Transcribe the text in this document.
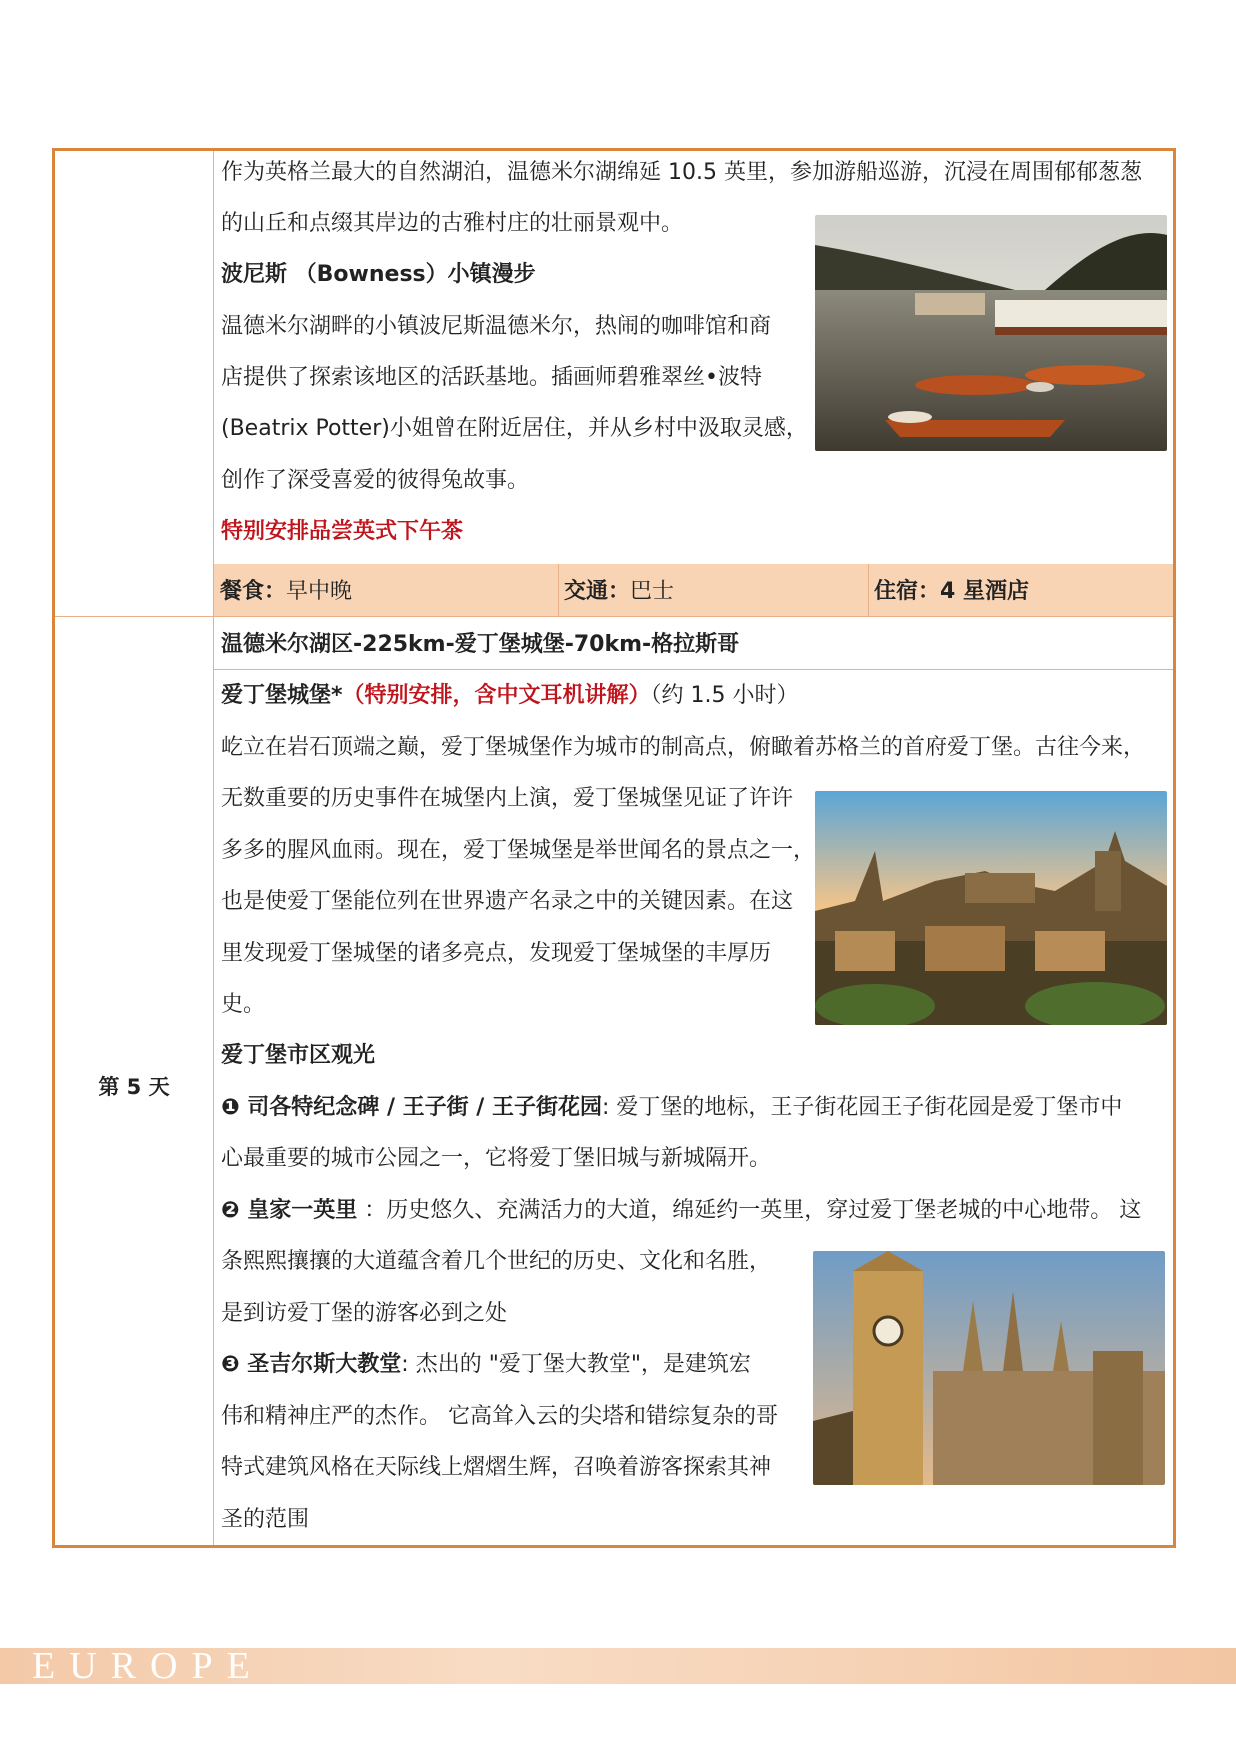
作为英格兰最大的自然湖泊，温德米尔湖绵延 10.5 英里，参加游船巡游，沉浸在周围郁郁葱葱
的山丘和点缀其岸边的古雅村庄的壮丽景观中。
波尼斯 （Bowness）小镇漫步
温德米尔湖畔的小镇波尼斯温德米尔，热闹的咖啡馆和商
店提供了探索该地区的活跃基地。插画师碧雅翠丝•波特
(Beatrix Potter)小姐曾在附近居住，并从乡村中汲取灵感，
创作了深受喜爱的彼得兔故事。
特别安排品尝英式下午茶
餐食：早中晚	交通：巴士	住宿：4 星酒店
第 5 天
温德米尔湖区-225km-爱丁堡城堡-70km-格拉斯哥
爱丁堡城堡*（特别安排，含中文耳机讲解）（约 1.5 小时）
屹立在岩石顶端之巅，爱丁堡城堡作为城市的制高点，俯瞰着苏格兰的首府爱丁堡。古往今来，
无数重要的历史事件在城堡内上演，爱丁堡城堡见证了许许
多多的腥风血雨。现在，爱丁堡城堡是举世闻名的景点之一，
也是使爱丁堡能位列在世界遗产名录之中的关键因素。在这
里发现爱丁堡城堡的诸多亮点，发现爱丁堡城堡的丰厚历
史。
爱丁堡市区观光
❶ 司各特纪念碑 / 王子街 / 王子街花园: 爱丁堡的地标，王子街花园王子街花园是爱丁堡市中
心最重要的城市公园之一，它将爱丁堡旧城与新城隔开。
❷ 皇家一英里 ：历史悠久、充满活力的大道，绵延约一英里，穿过爱丁堡老城的中心地带。 这
条熙熙攘攘的大道蕴含着几个世纪的历史、文化和名胜，
是到访爱丁堡的游客必到之处
❸ 圣吉尔斯大教堂: 杰出的 "爱丁堡大教堂"，是建筑宏
伟和精神庄严的杰作。 它高耸入云的尖塔和错综复杂的哥
特式建筑风格在天际线上熠熠生辉，召唤着游客探索其神
圣的范围
EUROPE
